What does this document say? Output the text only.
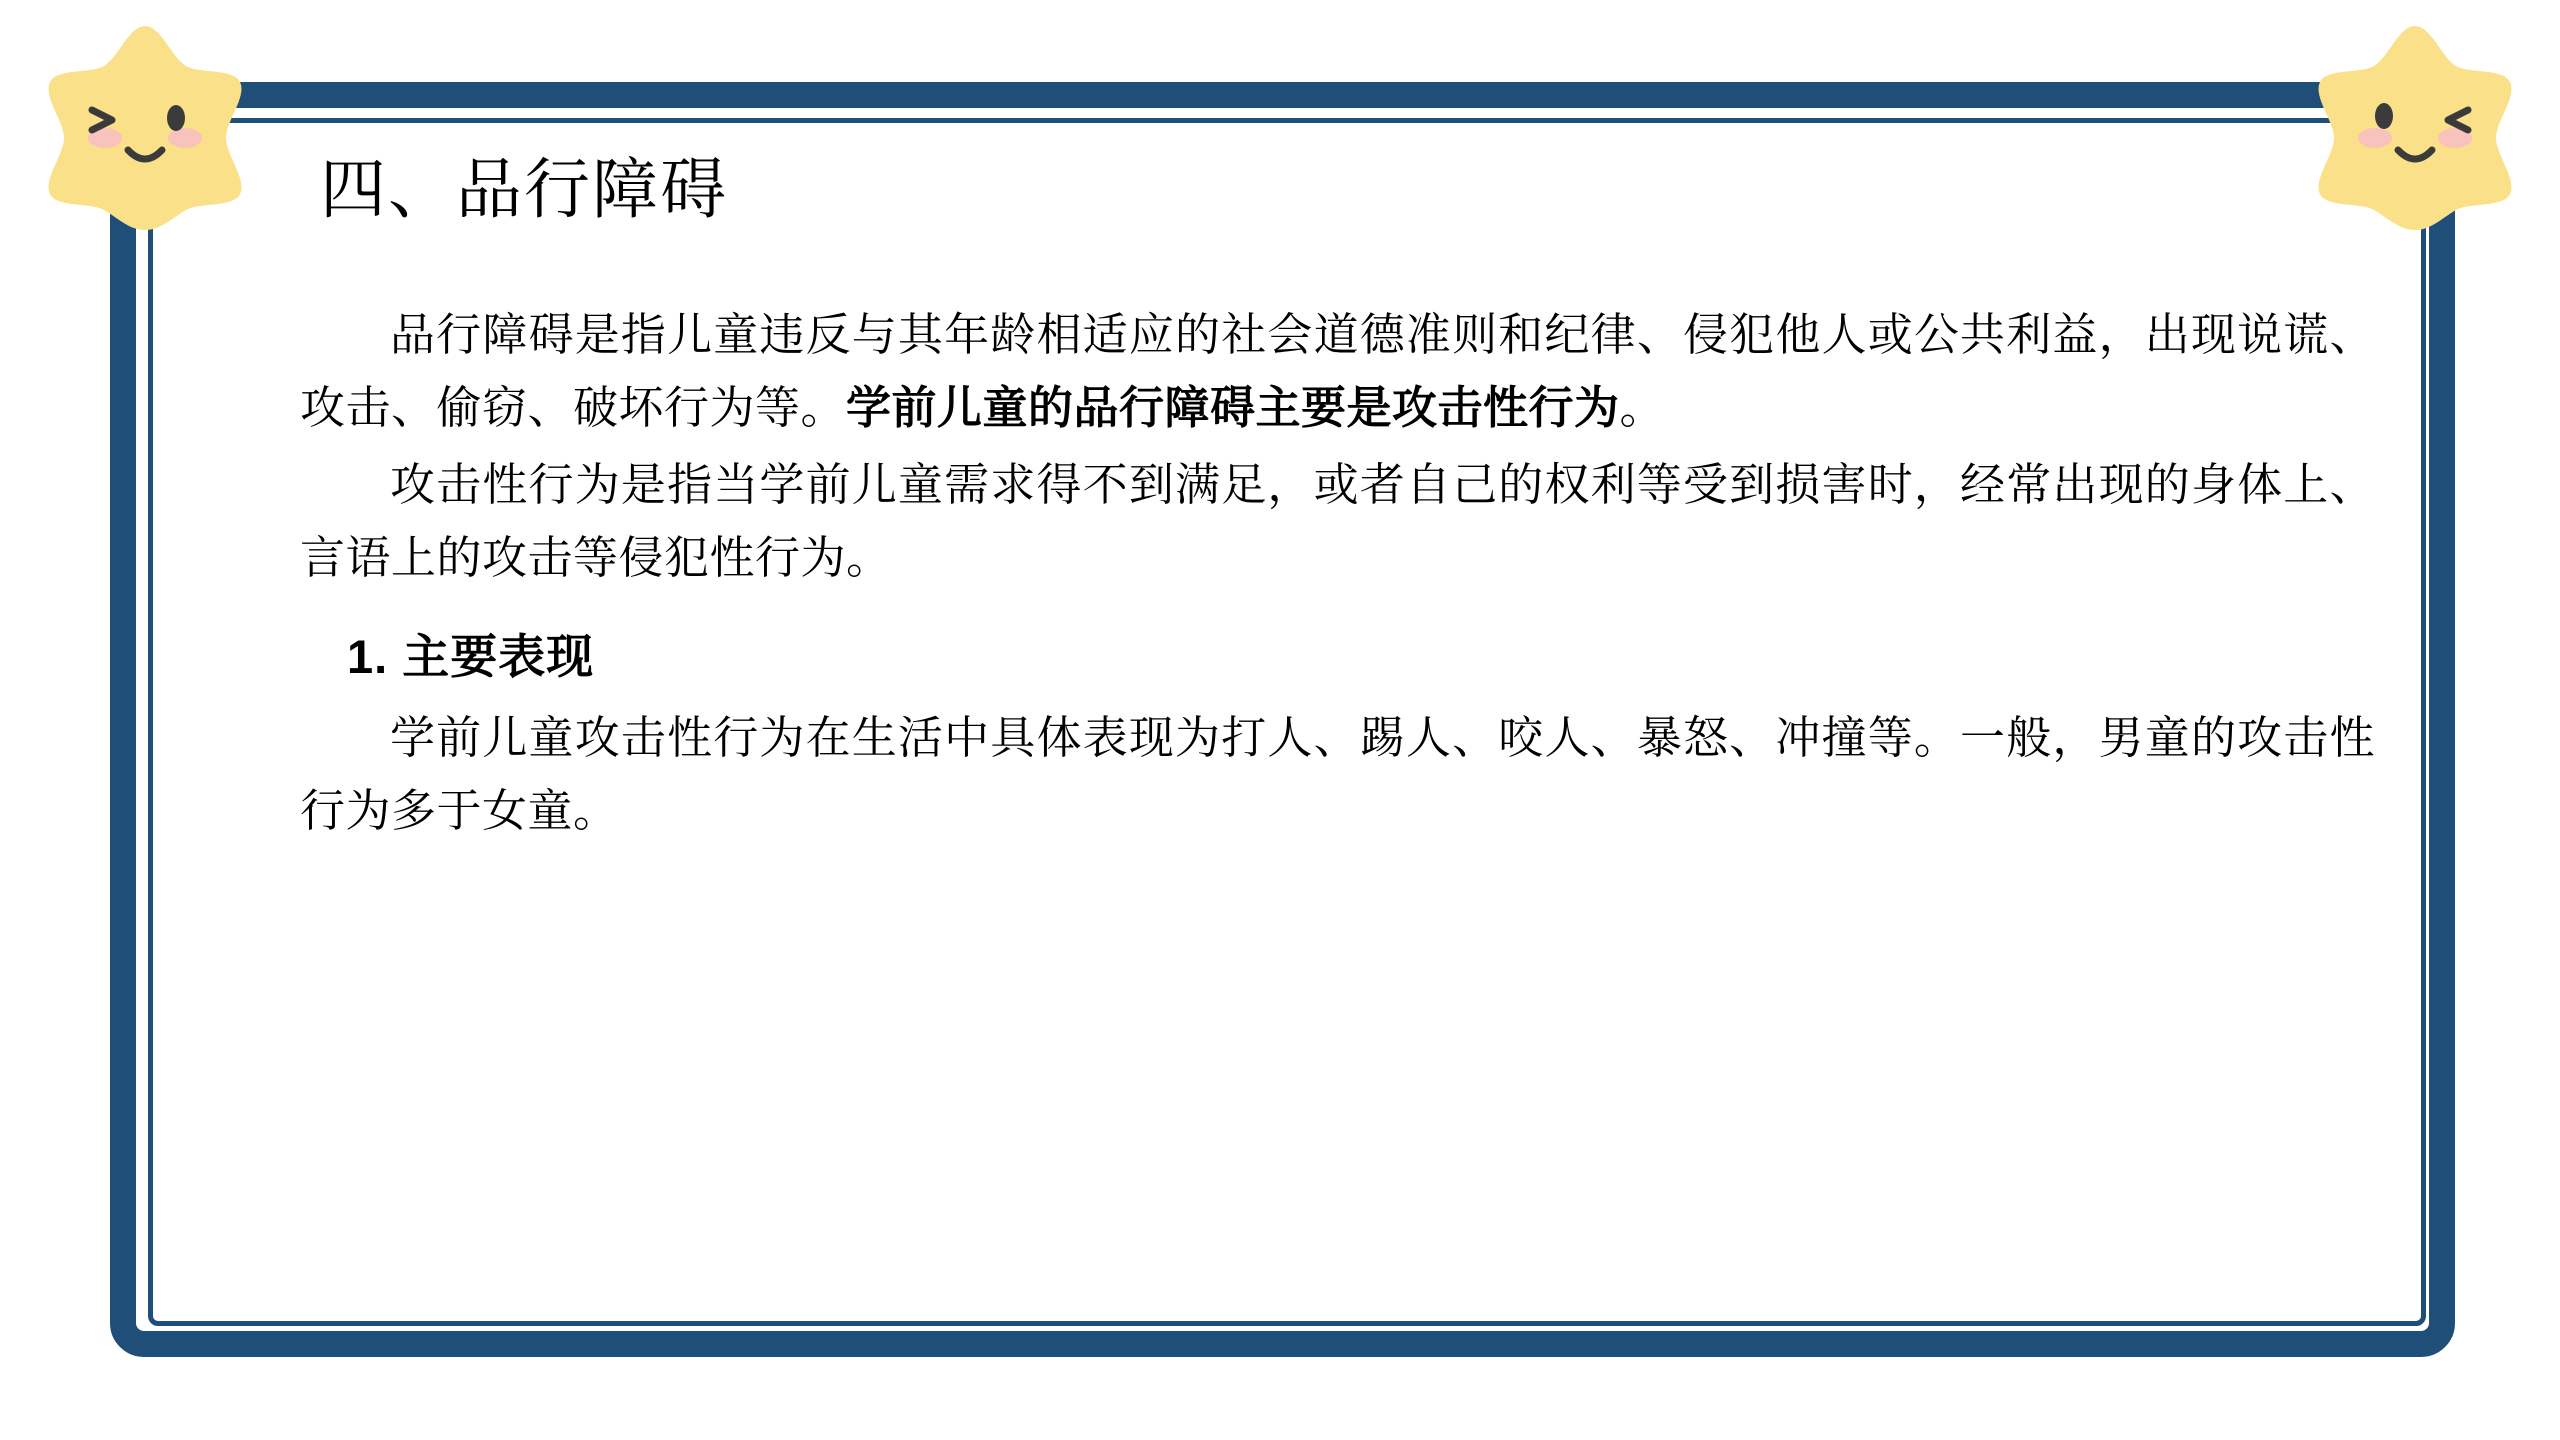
四、品行障碍

品行障碍是指儿童违反与其年龄相适应的社会道德准则和纪律、侵犯他人或公共利益，出现说谎、攻击、偷窃、破坏行为等。学前儿童的品行障碍主要是攻击性行为。

攻击性行为是指当学前儿童需求得不到满足，或者自己的权利等受到损害时，经常出现的身体上、言语上的攻击等侵犯性行为。

1. 主要表现

学前儿童攻击性行为在生活中具体表现为打人、踢人、咬人、暴怒、冲撞等。一般，男童的攻击性行为多于女童。
